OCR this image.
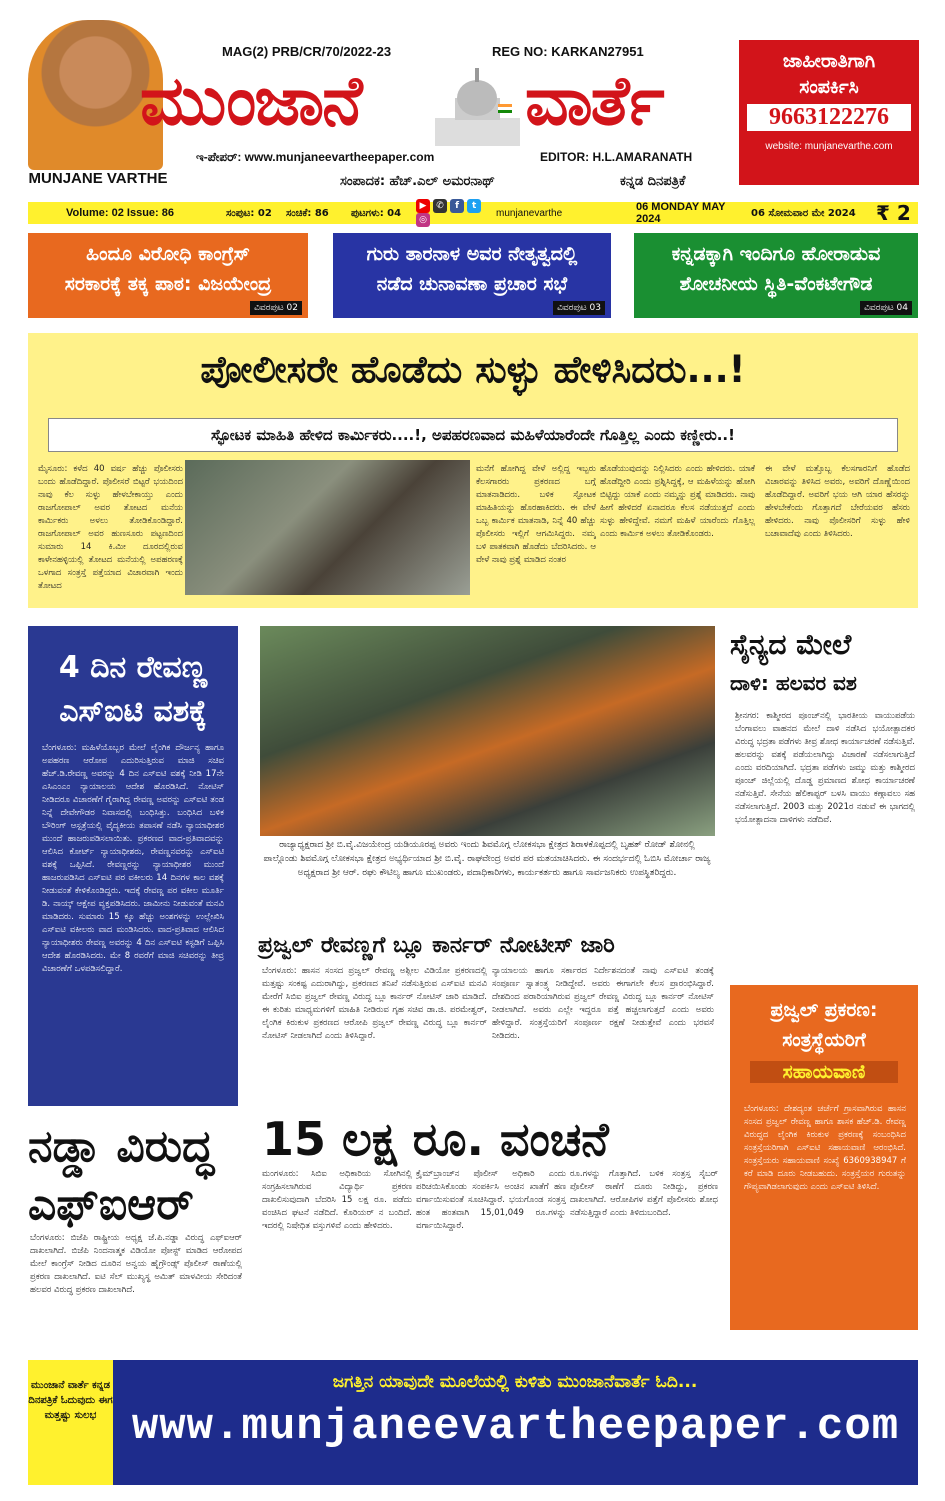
MUNJANE VARTHE
MAG(2) PRB/CR/70/2022-23	REG NO: KARKAN27951
ಮುಂಜಾನೆ	ವಾರ್ತೆ
ಇ-ಪೇಪರ್: www.munjaneevartheepaper.com	EDITOR: H.L.AMARANATH
ಸಂಪಾದಕ: ಹೆಚ್.ಎಲ್ ಅಮರನಾಥ್	ಕನ್ನಡ ದಿನಪತ್ರಿಕೆ
ಜಾಹೀರಾತಿಗಾಗಿ
ಸಂಪರ್ಕಿಸಿ
9663122276
website: munjanevarthe.com
Volume: 02 Issue: 86	ಸಂಪುಟ: 02	ಸಂಚಿಕೆ: 86	ಪುಟಗಳು: 04
▶ ✆ f t ◎
munjanevarthe	06 MONDAY MAY 2024	06 ಸೋಮವಾರ ಮೇ 2024	₹ 2
ಹಿಂದೂ ವಿರೋಧಿ ಕಾಂಗ್ರೆಸ್
ಸರಕಾರಕ್ಕೆ ತಕ್ಕ ಪಾಠ: ವಿಜಯೇಂದ್ರ
ವಿವರಪುಟ 02
ಗುರು ತಾರನಾಳ ಅವರ ನೇತೃತ್ವದಲ್ಲಿ
ನಡೆದ ಚುನಾವಣಾ ಪ್ರಚಾರ ಸಭೆ
ವಿವರಪುಟ 03
ಕನ್ನಡಕ್ಕಾಗಿ ಇಂದಿಗೂ ಹೋರಾಡುವ
ಶೋಚನೀಯ ಸ್ಥಿತಿ-ವೆಂಕಟೇಗೌಡ
ವಿವರಪುಟ 04
ಪೋಲೀಸರೇ ಹೊಡೆದು ಸುಳ್ಳು ಹೇಳಿಸಿದರು...!
ಸ್ಫೋಟಕ ಮಾಹಿತಿ ಹೇಳಿದ ಕಾರ್ಮಿಕರು....!, ಅಪಹರಣವಾದ ಮಹಿಳೆಯಾರೆಂದೇ ಗೊತ್ತಿಲ್ಲ ಎಂದು ಕಣ್ಣೀರು..!
ಮೈಸೂರು: ಕಳೆದ 40 ವರ್ಷ ಹೆಚ್ಚು ಪೊಲೀಸರು ಬಂದು ಹೊಡೆದಿದ್ದಾರೆ. ಪೊಲೀಸರೆ ಬಿಟ್ಟರೆ ಭಯದಿಂದ ನಾವು ಕೆಲ ಸುಳ್ಳು ಹೇಳಬೇಕಾಯ್ತು ಎಂದು ರಾಜಗೋಪಾಲ್ ಅವರ ತೋಟದ ಮನೆಯ ಕಾರ್ಮಿಕರು ಅಳಲು ತೋಡಿಕೊಂಡಿದ್ದಾರೆ. ರಾಜಗೋಪಾಲ್ ಅವರ ಹುಣಸೂರು ಪಟ್ಟಣದಿಂದ ಸುಮಾರು 14 ಕಿ.ಮೀ ದೂರದಲ್ಲಿರುವ ಕಾಳೇನಹಳ್ಳಿಯಲ್ಲಿ ತೋಟದ ಮನೆಯಲ್ಲಿ ಅಪಹರಣಕ್ಕೆ ಒಳಗಾದ ಸಂತ್ರಸ್ತೆ ಪತ್ತೆಯಾದ ವಿಚಾರವಾಗಿ ಇಂದು ತೋಟದ
ಮನೆಗೆ ಹೋಗಿದ್ದ ವೇಳೆ ಅಲ್ಲಿದ್ದ ಇಬ್ಬರು ಕೆಲಸಗಾರರು ಪ್ರಕರಣದ ಬಗ್ಗೆ ಮಾತನಾಡಿದರು. ಬಳಿಕ ಸ್ಫೋಟಕ ಮಾಹಿತಿಯನ್ನು ಹೊರಹಾಕಿದರು. ಈ ವೇಳೆ ಒಬ್ಬ ಕಾರ್ಮಿಕ ಮಾತನಾಡಿ, ನಿನ್ನೆ 40 ಹೆಚ್ಚು ಪೊಲೀಸರು ಇಲ್ಲಿಗೆ ಆಗಮಿಸಿದ್ದರು. ನಮ್ಮ ಬಳಿ ಪಾತಕವಾಗಿ ಹೊಡೆದು ಬೆದರಿಸಿದರು. ಆ ವೇಳೆ ನಾವು ಪ್ರಶ್ನೆ ಮಾಡಿದ ನಂತರ
ಹೊಡೆಯುವುದನ್ನು ನಿಲ್ಲಿಸಿದರು ಎಂದು ಹೇಳಿದರು. ಯಾಕೆ ಹೊಡೆದ್ದೀರಿ ಎಂದು ಪ್ರಶ್ನಿಸಿದ್ದಕ್ಕೆ, ಆ ಮಹಿಳೆಯನ್ನು ಹೋಗಿ ಬಿಟ್ಟಿದ್ದು ಯಾಕೆ ಎಂದು ನಮ್ಮನ್ನು ಪ್ರಶ್ನೆ ಮಾಡಿದರು. ನಾವು ಹೀಗೆ ಹೇಳಿದರೆ ಏನಾದರೂ ಕೆಲಸ ನಡೆಯುತ್ತದೆ ಎಂದು ಸುಳ್ಳು ಹೇಳಿದ್ದೇವೆ. ನಮಗೆ ಮಹಿಳೆ ಯಾರೆಂದು ಗೊತ್ತಿಲ್ಲ ಎಂದು ಕಾರ್ಮಿಕ ಅಳಲು ತೋಡಿಕೊಂಡರು.
ಈ ವೇಳೆ ಮತ್ತೊಬ್ಬ ಕೆಲಸಗಾರನಿಗೆ ಹೊಡೆದ ವಿಚಾರವನ್ನು ತಿಳಿಸಿದ ಅವರು, ಅವರಿಗೆ ದೊಣ್ಣೆಯಿಂದ ಹೊಡೆದಿದ್ದಾರೆ. ಅವರಿಗೆ ಭಯ ಆಗಿ ಯಾರ ಹೆಸರನ್ನು ಹೇಳಬೇಕೆಂದು ಗೊತ್ತಾಗದೆ ಬೇರೆಯವರ ಹೆಸರು ಹೇಳಿದರು. ನಾವು ಪೊಲೀಸರಿಗೆ ಸುಳ್ಳು ಹೇಳಿ ಬಚಾವಾದೆವು ಎಂದು ತಿಳಿಸಿದರು.
4 ದಿನ ರೇವಣ್ಣ ಎಸ್ಐಟಿ ವಶಕ್ಕೆ
ಬೆಂಗಳೂರು: ಮಹಿಳೆಯೊಬ್ಬರ ಮೇಲೆ ಲೈಂಗಿಕ ದೌರ್ಜನ್ಯ ಹಾಗೂ ಅಪಹರಣ ಆರೋಪ ಎದುರಿಸುತ್ತಿರುವ ಮಾಜಿ ಸಚಿವ ಹೆಚ್.ಡಿ.ರೇವಣ್ಣ ಅವರನ್ನು 4 ದಿನ ಎಸ್ಐಟಿ ವಶಕ್ಕೆ ನೀಡಿ 17ನೇ ಎಸಿಎಂಎಂ ನ್ಯಾಯಾಲಯ ಆದೇಶ ಹೊರಡಿಸಿದೆ. ನೋಟಿಸ್ ನೀಡಿದರೂ ವಿಚಾರಣೆಗೆ ಗೈರಾಗಿದ್ದ ರೇವಣ್ಣ ಅವರನ್ನು ಎಸ್ಐಟಿ ತಂಡ ನಿನ್ನೆ ದೇವೇಗೌಡರ ನಿವಾಸದಲ್ಲಿ ಬಂಧಿಸಿತ್ತು. ಬಂಧಿಸಿದ ಬಳಿಕ ಬೌರಿಂಗ್ ಆಸ್ಪತ್ರೆಯಲ್ಲಿ ವೈದ್ಯಕೀಯ ತಪಾಸಣೆ ನಡೆಸಿ ನ್ಯಾಯಾಧೀಶರ ಮುಂದೆ ಹಾಜರುಪಡಿಸಲಾಯಿತು. ಪ್ರಕರಣದ ವಾದ-ಪ್ರತಿವಾದವನ್ನು ಆಲಿಸಿದ ಕೋರ್ಟ್ ನ್ಯಾಯಾಧೀಶರು, ರೇವಣ್ಣನವರನ್ನು ಎಸ್ಐಟಿ ವಶಕ್ಕೆ ಒಪ್ಪಿಸಿದೆ. ರೇವಣ್ಣರನ್ನು ನ್ಯಾಯಾಧೀಶರ ಮುಂದೆ ಹಾಜರುಪಡಿಸಿದ ಎಸ್ಐಟಿ ಪರ ವಕೀಲರು 14 ದಿನಗಳ ಕಾಲ ವಶಕ್ಕೆ ನೀಡುವಂತೆ ಕೇಳಿಕೊಂಡಿದ್ದರು. ಇದಕ್ಕೆ ರೇವಣ್ಣ ಪರ ವಕೀಲ ಮೂರ್ತಿ ಡಿ. ನಾಯ್ಕ್ ಆಕ್ಷೇಪ ವ್ಯಕ್ತಪಡಿಸಿದರು. ಜಾಮೀನು ನೀಡುವಂತೆ ಮನವಿ ಮಾಡಿದರು. ಸುಮಾರು 15 ಕ್ಕೂ ಹೆಚ್ಚು ಅಂಶಗಳನ್ನು ಉಲ್ಲೇಖಿಸಿ ಎಸ್ಐಟಿ ವಕೀಲರು ವಾದ ಮಂಡಿಸಿದರು. ವಾದ-ಪ್ರತಿವಾದ ಆಲಿಸಿದ ನ್ಯಾಯಾಧೀಶರು ರೇವಣ್ಣ ಅವರನ್ನು 4 ದಿನ ಎಸ್ಐಟಿ ಕಸ್ಟಡಿಗೆ ಒಪ್ಪಿಸಿ ಆದೇಶ ಹೊರಡಿಸಿದರು. ಮೇ 8 ರವರೆಗೆ ಮಾಜಿ ಸಚಿವರನ್ನು ತೀವ್ರ ವಿಚಾರಣೆಗೆ ಒಳಪಡಿಸಲಿದ್ದಾರೆ.
ರಾಜ್ಯಾಧ್ಯಕ್ಷರಾದ ಶ್ರೀ ಬಿ.ವೈ.ವಿಜಯೇಂದ್ರ ಯಡಿಯೂರಪ್ಪ ಅವರು ಇಂದು ಶಿವಮೊಗ್ಗ ಲೋಕಸಭಾ ಕ್ಷೇತ್ರದ ಶಿರಾಳಕೊಪ್ಪದಲ್ಲಿ ಬೃಹತ್ ರೋಡ್ ಶೋನಲ್ಲಿ ಪಾಲ್ಗೊಂಡು ಶಿವಮೊಗ್ಗ ಲೋಕಸಭಾ ಕ್ಷೇತ್ರದ ಅಭ್ಯರ್ಥಿಯಾದ ಶ್ರೀ ಬಿ.ವೈ. ರಾಘವೇಂದ್ರ ಅವರ ಪರ ಮತಯಾಚಿಸಿದರು. ಈ ಸಂದರ್ಭದಲ್ಲಿ ಓಬಿಸಿ ಮೋರ್ಚಾ ರಾಜ್ಯ ಅಧ್ಯಕ್ಷರಾದ ಶ್ರೀ ಆರ್. ರಘು ಕೌಟಿಲ್ಯ ಹಾಗೂ ಮುಖಂಡರು, ಪದಾಧಿಕಾರಿಗಳು, ಕಾರ್ಯಕರ್ತರು ಹಾಗೂ ಸಾರ್ವಜನಿಕರು ಉಪಸ್ಥಿತರಿದ್ದರು.
ಸೈನ್ಯದ ಮೇಲೆ
ದಾಳಿ: ಹಲವರ ವಶ
ಶ್ರೀನಗರ: ಕಾಶ್ಮೀರದ ಪೂಂಚ್‌ನಲ್ಲಿ ಭಾರತೀಯ ವಾಯುಪಡೆಯ ಬೆಂಗಾವಲು ವಾಹನದ ಮೇಲೆ ದಾಳಿ ನಡೆಸಿದ ಭಯೋತ್ಪಾದಕರ ವಿರುದ್ಧ ಭದ್ರತಾ ಪಡೆಗಳು ತೀವ್ರ ಶೋಧ ಕಾರ್ಯಾಚರಣೆ ನಡೆಸುತ್ತಿವೆ. ಹಲವರನ್ನು ವಶಕ್ಕೆ ಪಡೆಯಲಾಗಿದ್ದು ವಿಚಾರಣೆ ನಡೆಸಲಾಗುತ್ತಿದೆ ಎಂದು ವರದಿಯಾಗಿದೆ. ಭದ್ರತಾ ಪಡೆಗಳು ಜಮ್ಮು ಮತ್ತು ಕಾಶ್ಮೀರದ ಪೂಂಚ್ ಜಿಲ್ಲೆಯಲ್ಲಿ ದೊಡ್ಡ ಪ್ರಮಾಣದ ಶೋಧ ಕಾರ್ಯಾಚರಣೆ ನಡೆಸುತ್ತಿವೆ. ಸೇನೆಯ ಹೆಲಿಕಾಪ್ಟರ್ ಬಳಸಿ ವಾಯು ಕಣ್ಗಾವಲು ಸಹ ನಡೆಸಲಾಗುತ್ತಿದೆ. 2003 ಮತ್ತು 2021ರ ನಡುವೆ ಈ ಭಾಗದಲ್ಲಿ ಭಯೋತ್ಪಾದನಾ ದಾಳಿಗಳು ನಡೆದಿವೆ.
ಪ್ರಜ್ವಲ್ ಪ್ರಕರಣ: ಸಂತ್ರಸ್ಥೆಯರಿಗೆ
ಸಹಾಯವಾಣಿ
ಬೆಂಗಳೂರು: ದೇಶದ್ಯಂತ ಚರ್ಚೆಗೆ ಗ್ರಾಸವಾಗಿರುವ ಹಾಸನ ಸಂಸದ ಪ್ರಜ್ವಲ್ ರೇವಣ್ಣ ಹಾಗೂ ಶಾಸಕ ಹೆಚ್.ಡಿ. ರೇವಣ್ಣ ವಿರುದ್ಧದ ಲೈಂಗಿಕ ಕಿರುಕುಳ ಪ್ರಕರಣಕ್ಕೆ ಸಂಬಂಧಿಸಿದ ಸಂತ್ರಸ್ತೆಯರಿಗಾಗಿ ಎಸ್ಐಟಿ ಸಹಾಯವಾಣಿ ಆರಂಭಿಸಿದೆ. ಸಂತ್ರಸ್ತೆಯರು ಸಹಾಯವಾಣಿ ಸಂಖ್ಯೆ 6360938947 ಗೆ ಕರೆ ಮಾಡಿ ದೂರು ನೀಡಬಹುದು. ಸಂತ್ರಸ್ತೆಯರ ಗುರುತನ್ನು ಗೌಪ್ಯವಾಗಿಡಲಾಗುವುದು ಎಂದು ಎಸ್ಐಟಿ ತಿಳಿಸಿದೆ.
ಪ್ರಜ್ವಲ್ ರೇವಣ್ಣಗೆ ಬ್ಲೂ ಕಾರ್ನರ್ ನೋಟೀಸ್ ಜಾರಿ
ಬೆಂಗಳೂರು: ಹಾಸನ ಸಂಸದ ಪ್ರಜ್ವಲ್ ರೇವಣ್ಣ ಅಶ್ಲೀಲ ವಿಡಿಯೋ ಪ್ರಕರಣದಲ್ಲಿ ಮತ್ತಷ್ಟು ಸಂಕಷ್ಟ ಎದುರಾಗಿದ್ದು, ಪ್ರಕರಣದ ತನಿಖೆ ನಡೆಸುತ್ತಿರುವ ಎಸ್ಐಟಿ ಮನವಿ ಮೇರೆಗೆ ಸಿಬಿಐ ಪ್ರಜ್ವಲ್ ರೇವಣ್ಣ ವಿರುದ್ಧ ಬ್ಲೂ ಕಾರ್ನರ್ ನೋಟಿಸ್ ಜಾರಿ ಮಾಡಿದೆ. ಈ ಕುರಿತು ಮಾಧ್ಯಮಗಳಿಗೆ ಮಾಹಿತಿ ನೀಡಿರುವ ಗೃಹ ಸಚಿವ ಡಾ.ಜಿ. ಪರಮೇಶ್ವರ್, ಲೈಂಗಿಕ ಕಿರುಕುಳ ಪ್ರಕರಣದ ಆರೋಪಿ ಪ್ರಜ್ವಲ್ ರೇವಣ್ಣ ವಿರುದ್ಧ ಬ್ಲೂ ಕಾರ್ನರ್ ನೋಟಿಸ್ ನೀಡಲಾಗಿದೆ ಎಂದು ತಿಳಿಸಿದ್ದಾರೆ.
ನ್ಯಾಯಾಲಯ ಹಾಗೂ ಸರ್ಕಾರದ ನಿರ್ದೇಶನದಂತೆ ನಾವು ಎಸ್ಐಟಿ ತಂಡಕ್ಕೆ ಸಂಪೂರ್ಣ ಸ್ವಾತಂತ್ರ್ಯ ನೀಡಿದ್ದೇವೆ. ಅವರು ಈಗಾಗಲೇ ಕೆಲಸ ಪ್ರಾರಂಭಿಸಿದ್ದಾರೆ. ದೇಶದಿಂದ ಪರಾರಿಯಾಗಿರುವ ಪ್ರಜ್ವಲ್ ರೇವಣ್ಣ ವಿರುದ್ಧ ಬ್ಲೂ ಕಾರ್ನರ್ ನೋಟಿಸ್ ನೀಡಲಾಗಿದೆ. ಅವರು ಎಲ್ಲೇ ಇದ್ದರೂ ಪತ್ತೆ ಹಚ್ಚಲಾಗುತ್ತದೆ ಎಂದು ಅವರು ಹೇಳಿದ್ದಾರೆ. ಸಂತ್ರಸ್ತೆಯರಿಗೆ ಸಂಪೂರ್ಣ ರಕ್ಷಣೆ ನೀಡುತ್ತೇವೆ ಎಂದು ಭರವಸೆ ನೀಡಿದರು.
15 ಲಕ್ಷ ರೂ. ವಂಚನೆ
ಮಂಗಳೂರು: ಸಿಬಿಐ ಅಧಿಕಾರಿಯ ಸೋಗಿನಲ್ಲಿ ಸಂಗ್ರಹಿಸಲಾಗಿರುವ ವಿದ್ಯಾರ್ಥಿ ಪ್ರಕರಣ ದಾಖಲಿಸುವುದಾಗಿ ಬೆದರಿಸಿ 15 ಲಕ್ಷ ರೂ. ಪಡೆದು ವಂಚಿಸಿದ ಘಟನೆ ನಡೆದಿದೆ. ಕೊರಿಯರ್ ನ ಬಂದಿದೆ. ಇದರಲ್ಲಿ ನಿಷೇಧಿತ ವಸ್ತುಗಳಿವೆ ಎಂದು ಹೇಳಿದರು.
ಕ್ರೈಮ್‌ಬ್ರಾಂಚ್‌ನ ಪೊಲೀಸ್ ಅಧಿಕಾರಿ ಎಂದು ಪರಿಚಯಿಸಿಕೊಂಡು ಸಂಪರ್ಕಿಸಿ ಅಂಚಿನ ಖಾತೆಗೆ ಹಣ ವರ್ಗಾಯಿಸುವಂತೆ ಸೂಚಿಸಿದ್ದಾರೆ. ಭಯಗೊಂಡ ಸಂತ್ರಸ್ತ ಹಂತ ಹಂತವಾಗಿ 15,01,049 ರೂ.ಗಳನ್ನು ವರ್ಗಾಯಿಸಿದ್ದಾರೆ.
ರೂ.ಗಳನ್ನು ಗೊತ್ತಾಗಿದೆ. ಬಳಿಕ ಸಂತ್ರಸ್ತ ಸೈಬರ್ ಪೊಲೀಸ್ ಠಾಣೆಗೆ ದೂರು ನೀಡಿದ್ದು, ಪ್ರಕರಣ ದಾಖಲಾಗಿದೆ. ಆರೋಪಿಗಳ ಪತ್ತೆಗೆ ಪೊಲೀಸರು ಶೋಧ ನಡೆಸುತ್ತಿದ್ದಾರೆ ಎಂದು ತಿಳಿದುಬಂದಿದೆ.
ನಡ್ಡಾ ವಿರುದ್ಧ ಎಫ್ಐಆರ್
ಬೆಂಗಳೂರು: ಬಿಜೆಪಿ ರಾಷ್ಟ್ರೀಯ ಅಧ್ಯಕ್ಷ ಜೆ.ಪಿ.ನಡ್ಡಾ ವಿರುದ್ಧ ಎಫ್ಐಆರ್ ದಾಖಲಾಗಿದೆ. ಬಿಜೆಪಿ ನಿಂದನಾತ್ಮಕ ವಿಡಿಯೋ ಪೋಸ್ಟ್ ಮಾಡಿದ ಆರೋಪದ ಮೇಲೆ ಕಾಂಗ್ರೆಸ್ ನೀಡಿದ ದೂರಿನ ಅನ್ವಯ ಹೈಗ್ರೌಂಡ್ಸ್ ಪೊಲೀಸ್ ಠಾಣೆಯಲ್ಲಿ ಪ್ರಕರಣ ದಾಖಲಾಗಿದೆ. ಐಟಿ ಸೆಲ್ ಮುಖ್ಯಸ್ಥ ಅಮಿತ್ ಮಾಳವೀಯ ಸೇರಿದಂತೆ ಹಲವರ ವಿರುದ್ಧ ಪ್ರಕರಣ ದಾಖಲಾಗಿದೆ.
ಮುಂಜಾನೆ ವಾರ್ತೆ ಕನ್ನಡ ದಿನಪತ್ರಿಕೆ ಓದುವುದು ಈಗ ಮತ್ತಷ್ಟು ಸುಲಭ
ಜಗತ್ತಿನ ಯಾವುದೇ ಮೂಲೆಯಲ್ಲಿ ಕುಳಿತು ಮುಂಜಾನೆವಾರ್ತೆ ಓದಿ...
www.munjaneevartheepaper.com
